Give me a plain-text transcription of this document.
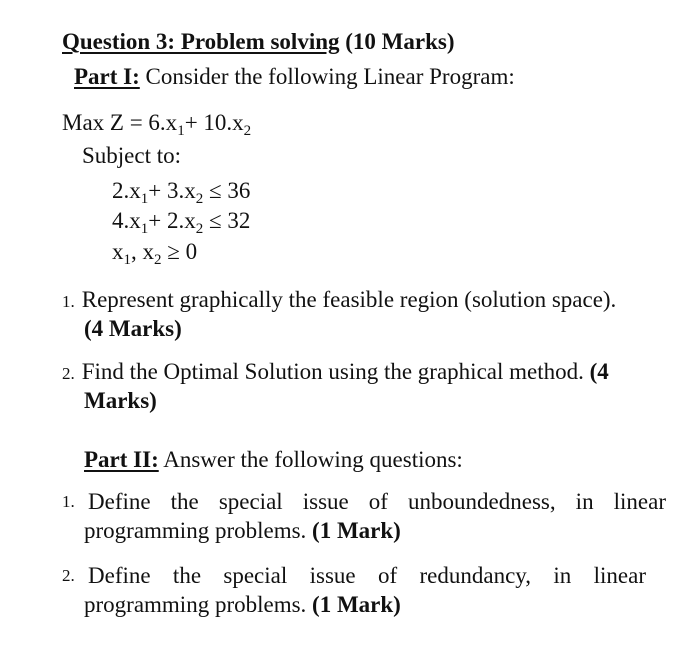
Question 3: Problem solving (10 Marks)
Part I: Consider the following Linear Program:
Max $Z = 6.x_1+ 10.x_2$
Subject to:
$2.x_1+ 3.x_2 \le 36$
$4.x_1+ 2.x_2 \le 32$
$x_1$, $x_2 \ge 0$
1. Represent graphically the feasible region (solution space).
(4 Marks)
2. Find the Optimal Solution using the graphical method. (4
Marks)
Part II: Answer the following questions:
1. Define the special issue of unboundedness, in linear
programming problems. (1 Mark)
2. Define the special issue of redundancy, in linear
programming problems. (1 Mark)
